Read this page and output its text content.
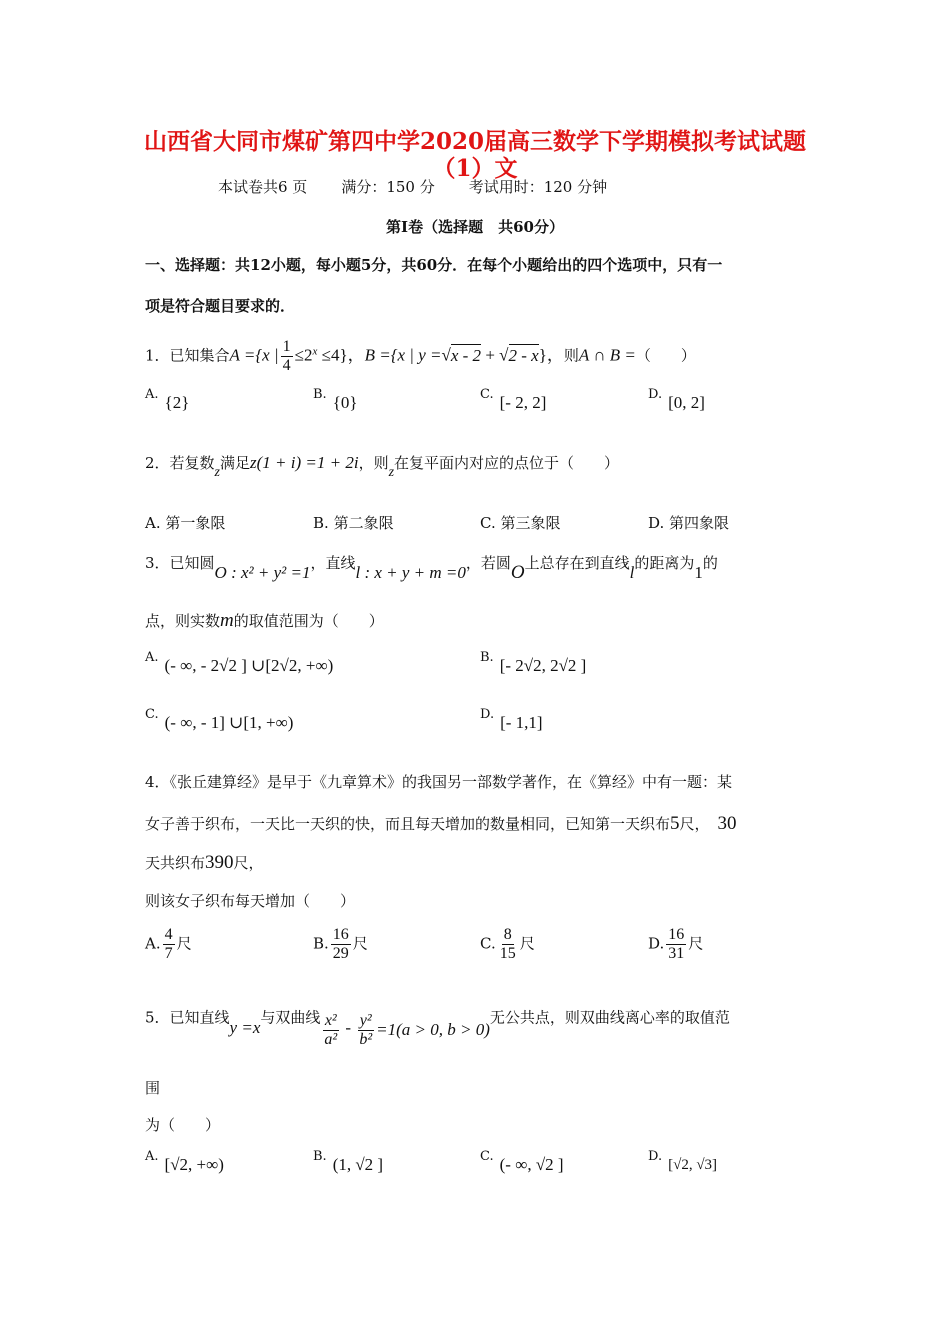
山西省大同市煤矿第四中学2020届高三数学下学期模拟考试试题
（1）文
本试卷共6 页 满分：150 分 考试用时：120 分钟
第Ⅰ卷（选择题　共60分）
一、选择题：共12小题，每小题5分，共60分．在每个小题给出的四个选项中，只有一
项是符合题目要求的．
1．已知集合A ={x | $\frac{1}{4} \le 2^x \le 4$}，B ={x | y =√x - 2 + √2 - x}，则A ∩ B =（　　）
A. {2}	B. {0}	C. [- 2, 2]	D. [0, 2]
2．若复数z满足z(1 + i) =1 + 2i，则z在复平面内对应的点位于（　　）
A. 第一象限	B. 第二象限	C. 第三象限	D. 第四象限
3．已知圆O : x² + y² =1，直线l : x + y + m =0，若圆O上总存在到直线l的距离为1的
点，则实数m的取值范围为（　　）
A. (- ∞, - 2√2 ] ∪[2√2, +∞)	B. [- 2√2, 2√2 ]
C. (- ∞, - 1] ∪[1, +∞)	D. [- 1,1]
4．《张丘建算经》是早于《九章算术》的我国另一部数学著作，在《算经》中有一题：某
女子善于织布，一天比一天织的快，而且每天增加的数量相同，已知第一天织布5尺， 30
天共织布390尺，
则该女子织布每天增加（　　）
A. $\frac{4}{7}$ 尺	B. $\frac{16}{29}$ 尺	C. $\frac{8}{15}$ 尺	D. $\frac{16}{31}$ 尺
5．已知直线y =x与双曲线 $\frac{\text{x²}}{\text{a²}} - \frac{\text{y²}}{\text{b²}} =1(a > 0$, b > 0)无公共点，则双曲线离心率的取值范
围
为（　　）
A. [√2, +∞)	B. (1, √2 ]	C. (- ∞, √2 ]	D.[√2, √3]
